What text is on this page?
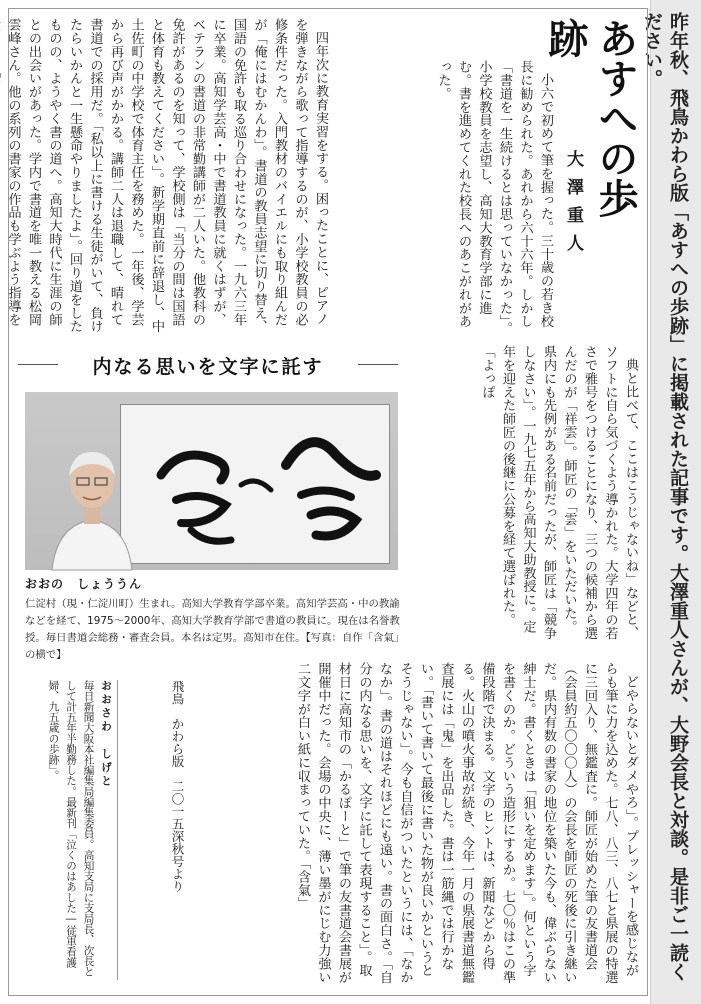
昨年秋、飛鳥かわら版「あすへの歩跡」に掲載された記事です。大澤重人さんが、大野会長と対談。是非ご一読ください。
あすへの歩跡
大澤重人

小六で初めて筆を握った。三十歳の若き校長に勧められた。あれから六十六年。しかし「書道を一生続けるとは思っていなかった」。小学校教員を志望し、高知大教育学部に進む。書を進めてくれた校長へのあこがれがあった。

四年次に教育実習をする。困ったことに、ピアノを弾きながら歌って指導するのが、小学校教員の必修条件だった。入門教材のバイエルにも取り組んだが「俺にはむかんわ」。書道の教員志望に切り替え、国語の免許も取る巡り合わせになった。一九六三年に卒業。高知学芸高・中で書道教員に就くはずが、ベテランの書道の非常勤講師が二人いた。他教科の免許があるのを知って、学校側は「当分の間は国語と体育も教えてください」。新学期直前に辞退し、中土佐町の中学校で体育主任を務めた。一年後、学芸から再び声がかかる。講師二人は退職して、晴れて書道での採用だ。「私以上に書ける生徒がいて、負けたらいかんと一生懸命やりましたよ」。回り道をしたものの、ようやく書の道へ。高知大時代に生涯の師との出会いがあった。学内で書道を唯一教える松岡雲峰さん。他の系列の書家の作品も学ぶよう指導を

内なる思いを文字に託す	典と比べて、ここはこうじゃないね」などと、ソフトに自ら気づくよう導かれた。大学四年の若さで雅号をつけることになり、三つの候補から選んだのが「祥雲」。師匠の「雲」をいただいた。県内にも先例がある名前だったが、師匠は「競争しなさい」。一九七五年から高知大助教授に。定年を迎えた師匠の後継に公募を経て選ばれた。「よっぽ

おおの　しょううん
仁淀村（現・仁淀川町）生まれ。高知大学教育学部卒業。高知学芸高・中の教諭などを経て、1975〜2000年、高知大学教育学部で書道の教員に。現在は名誉教授。毎日書道会総務・審査会員。本名は定男。高知市在住。【写真：自作「含氣」の横で】

どやらないとダメやろ」。プレッシャーを感じながらも筆に力を込めた。七八、八三、八七と県展の特選に三回入り、無鑑査に。師匠が始めた筆の友書道会（会員約五〇〇〇人）の会長を師匠の死後に引き継いだ。県内有数の書家の地位を築いた今も、偉ぶらない紳士だ。書くときは「狙いを定めます」。何という字を書くのか。どういう造形にするか。七〇％はこの準備段階で決まる。文字のヒントは、新聞などから得る。火山の噴火事故が続き、今年一月の県展書道無鑑査展には「鬼」を出品した。書は一筋縄では行かない。「書いて書いて最後に書いた物が良いかというとそうじゃない」。今も自信がついたというには、「なかなか」。書の道はそれほどにも遠い。書の面白さ。「自分の内なる思いを、文字に託して表現すること」。取材日に高知市の「かるぽーと」で筆の友書道会書展が開催中だった。会場の中央に、薄い墨がにじむ力強い二文字が白い紙に収まっていた。「含氣」

飛鳥　かわら版　二〇一五深秋号より
おおさわ　しげと
毎日新聞大阪本社編集局編集委員。高知支局に支局長、次長として計五年半勤務した。最新刊「泣くのはあした―従軍看護婦、九五歳の歩跡」。
